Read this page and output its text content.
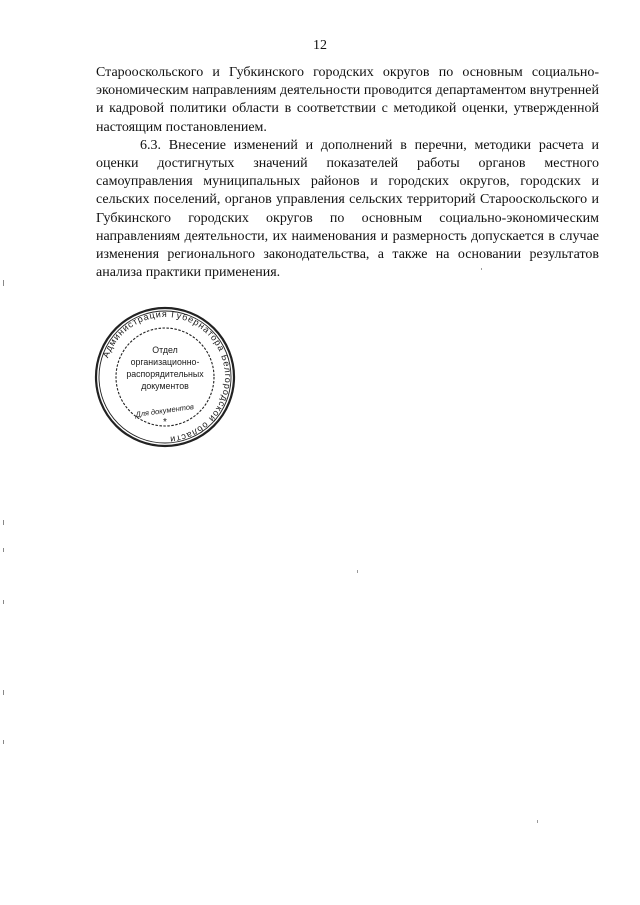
12

Старооскольского и Губкинского городских округов по основным социально-экономическим направлениям деятельности проводится департаментом внутренней и кадровой политики области в соответствии с методикой оценки, утвержденной настоящим постановлением.

6.3. Внесение изменений и дополнений в перечни, методики расчета и оценки достигнутых значений показателей работы органов местного самоуправления муниципальных районов и городских округов, городских и сельских поселений, органов управления сельских территорий Старооскольского и Губкинского городских округов по основным социально-экономическим направлениям деятельности, их наименования и размерность допускается в случае изменения регионального законодательства, а также на основании результатов анализа практики применения.

Администрация Губернатора Белгородской области
Отдел
организационно-
распорядительных
документов
Для документов
*
